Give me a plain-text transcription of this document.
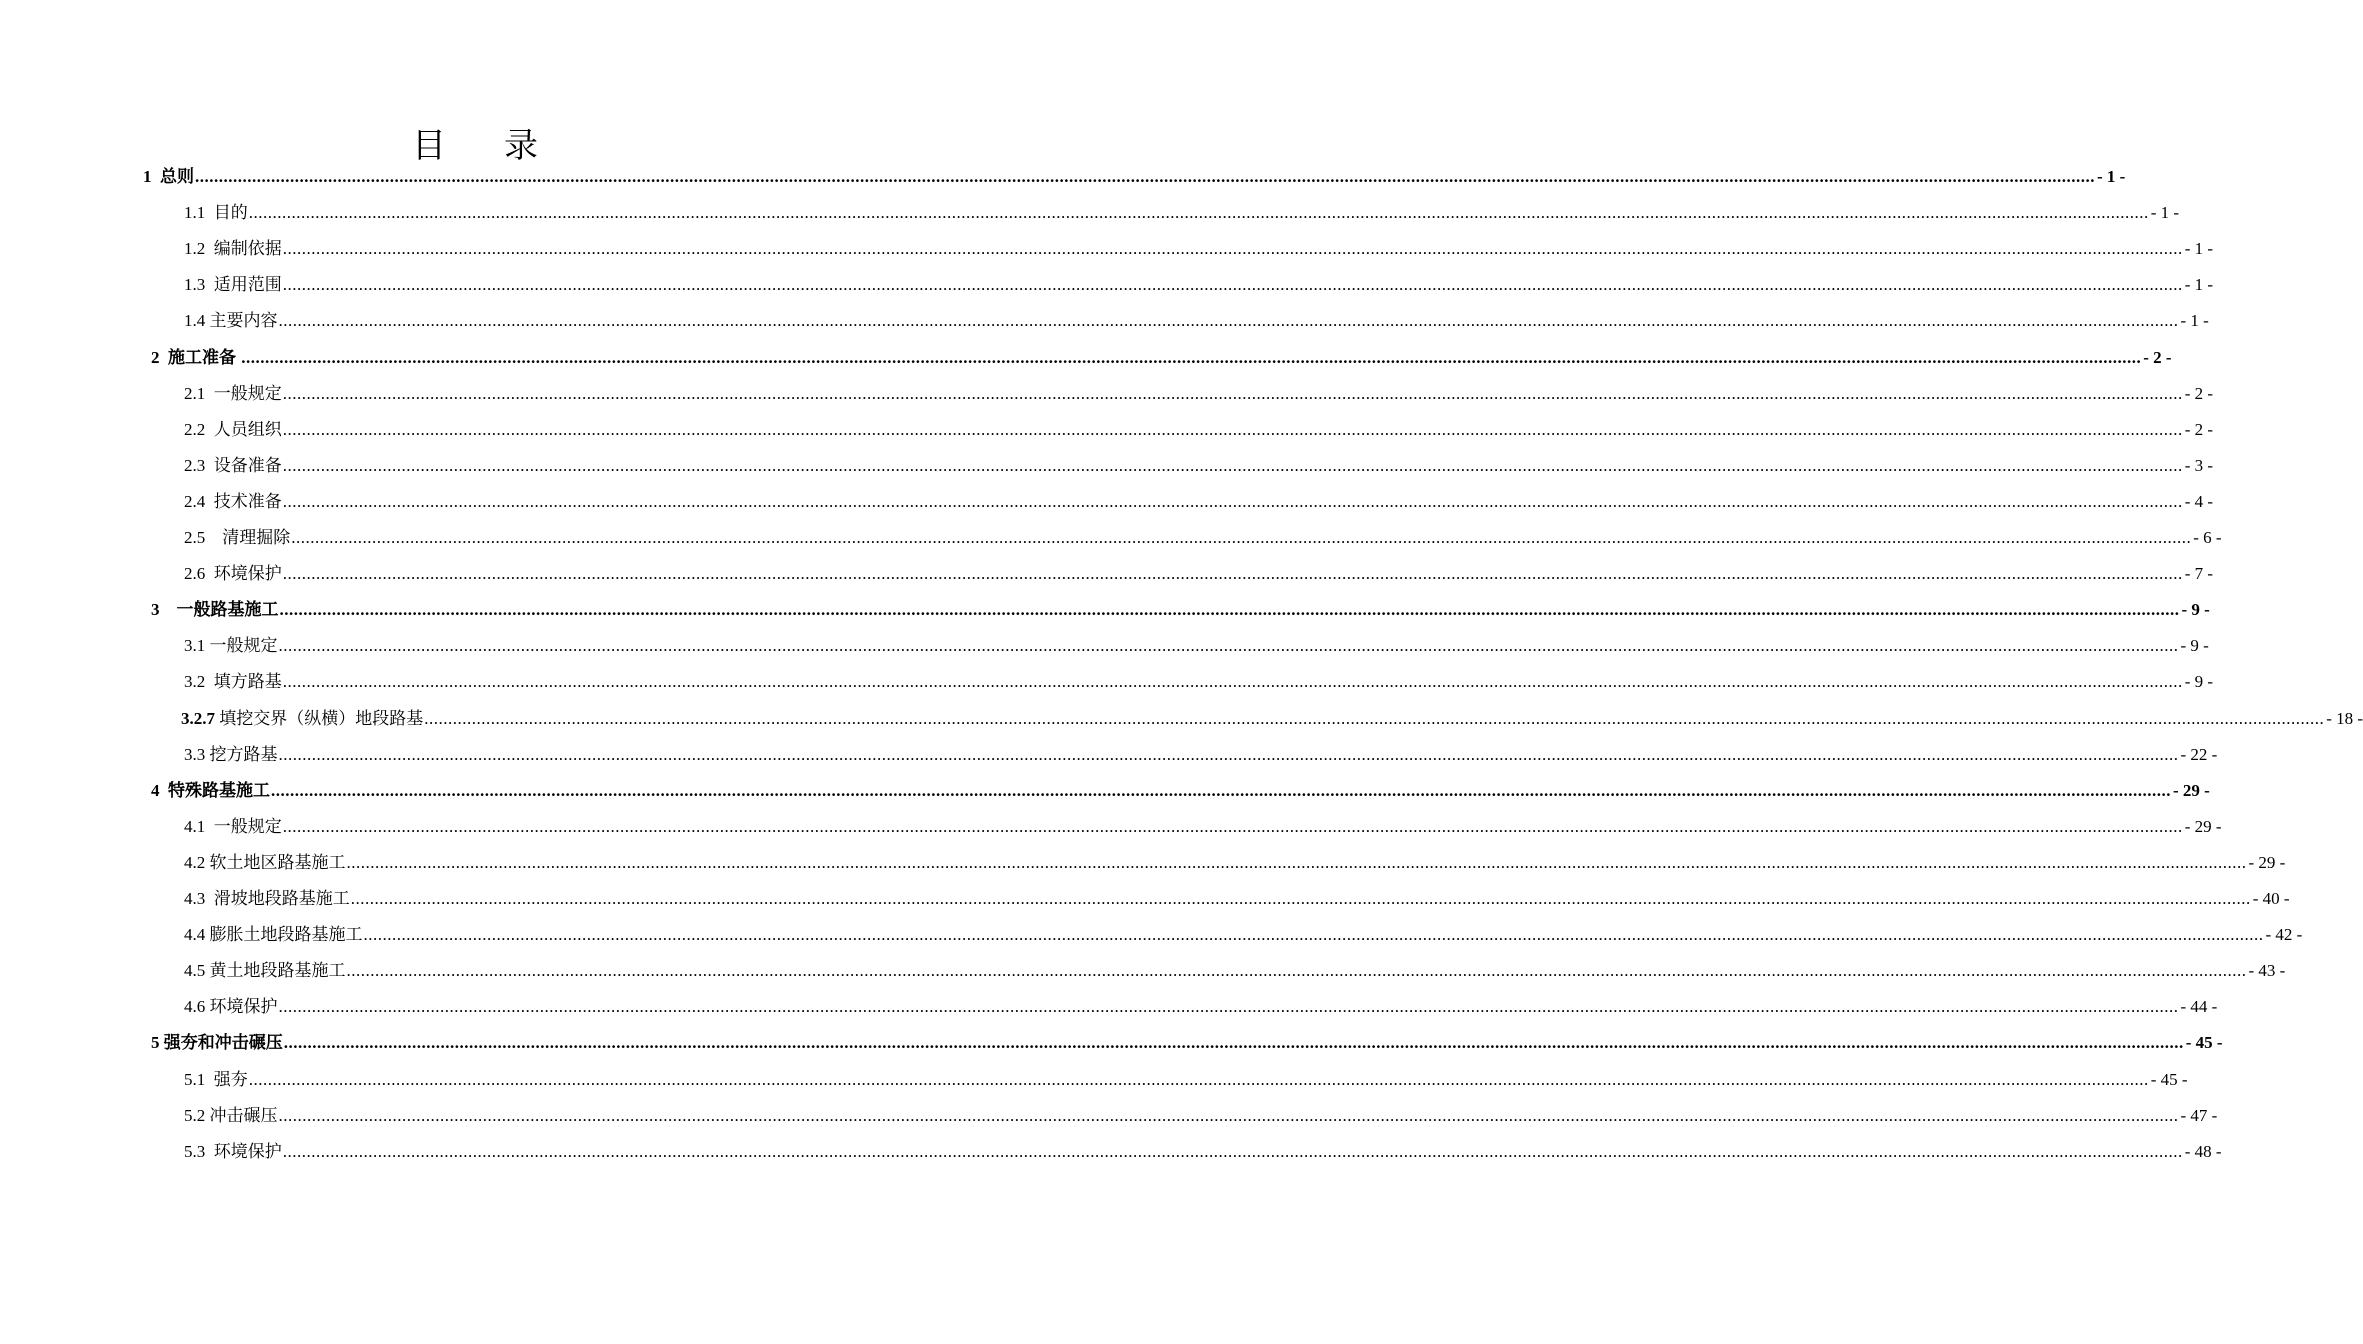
目 录
1  总则 ................................................................................................................................................................................................................................................................................................................................................................................................................ - 1 -
1.1  目的 ................................................................................................................................................................................................................................................................................................................................................................................................................ - 1 -
1.2  编制依据 ................................................................................................................................................................................................................................................................................................................................................................................................................ - 1 -
1.3  适用范围 ................................................................................................................................................................................................................................................................................................................................................................................................................ - 1 -
1.4 主要内容 ................................................................................................................................................................................................................................................................................................................................................................................................................ - 1 -
2  施工准备 ................................................................................................................................................................................................................................................................................................................................................................................................................ - 2 -
2.1  一般规定 ................................................................................................................................................................................................................................................................................................................................................................................................................ - 2 -
2.2  人员组织 ................................................................................................................................................................................................................................................................................................................................................................................................................ - 2 -
2.3  设备准备 ................................................................................................................................................................................................................................................................................................................................................................................................................ - 3 -
2.4  技术准备 ................................................................................................................................................................................................................................................................................................................................................................................................................ - 4 -
2.5    清理掘除 ................................................................................................................................................................................................................................................................................................................................................................................................................ - 6 -
2.6  环境保护 ................................................................................................................................................................................................................................................................................................................................................................................................................ - 7 -
3    一般路基施工 ................................................................................................................................................................................................................................................................................................................................................................................................................ - 9 -
3.1 一般规定 ................................................................................................................................................................................................................................................................................................................................................................................................................ - 9 -
3.2  填方路基 ................................................................................................................................................................................................................................................................................................................................................................................................................ - 9 -
3.2.7 填挖交界（纵横）地段路基 ................................................................................................................................................................................................................................................................................................................................................................................................................ - 18 -
3.3 挖方路基 ................................................................................................................................................................................................................................................................................................................................................................................................................ - 22 -
4  特殊路基施工 ................................................................................................................................................................................................................................................................................................................................................................................................................ - 29 -
4.1  一般规定 ................................................................................................................................................................................................................................................................................................................................................................................................................ - 29 -
4.2 软土地区路基施工 ................................................................................................................................................................................................................................................................................................................................................................................................................ - 29 -
4.3  滑坡地段路基施工 ................................................................................................................................................................................................................................................................................................................................................................................................................ - 40 -
4.4 膨胀土地段路基施工 ................................................................................................................................................................................................................................................................................................................................................................................................................ - 42 -
4.5 黄土地段路基施工 ................................................................................................................................................................................................................................................................................................................................................................................................................ - 43 -
4.6 环境保护 ................................................................................................................................................................................................................................................................................................................................................................................................................ - 44 -
5 强夯和冲击碾压 ................................................................................................................................................................................................................................................................................................................................................................................................................ - 45 -
5.1  强夯 ................................................................................................................................................................................................................................................................................................................................................................................................................ - 45 -
5.2 冲击碾压 ................................................................................................................................................................................................................................................................................................................................................................................................................ - 47 -
5.3  环境保护 ................................................................................................................................................................................................................................................................................................................................................................................................................ - 48 -
